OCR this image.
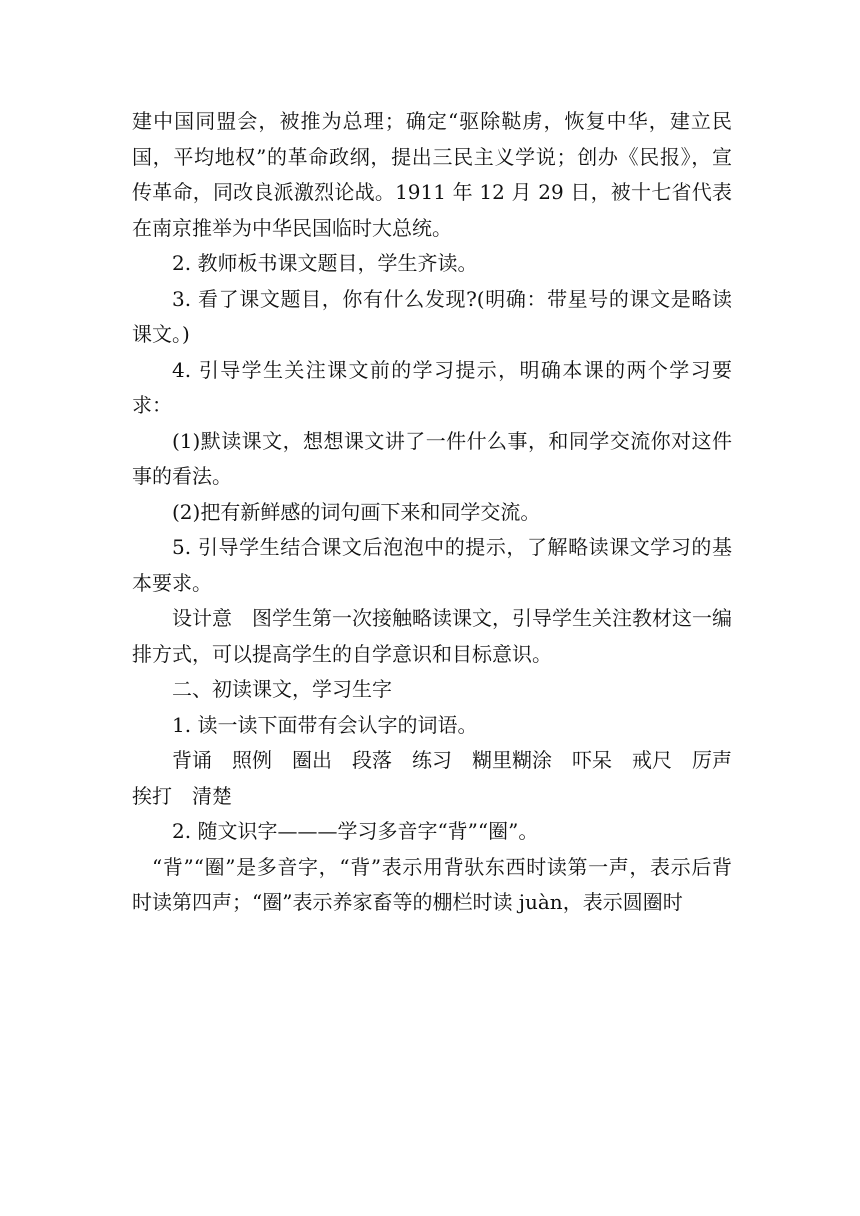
建中国同盟会，被推为总理；确定“驱除鞑虏，恢复中华，建立民国，平均地权”的革命政纲，提出三民主义学说；创办《民报》，宣传革命，同改良派激烈论战。1911 年 12 月 29 日，被十七省代表在南京推举为中华民国临时大总统。

2. 教师板书课文题目，学生齐读。

3. 看了课文题目，你有什么发现?(明确：带星号的课文是略读课文。)

4. 引导学生关注课文前的学习提示，明确本课的两个学习要求：

(1)默读课文，想想课文讲了一件什么事，和同学交流你对这件事的看法。

(2)把有新鲜感的词句画下来和同学交流。

5. 引导学生结合课文后泡泡中的提示，了解略读课文学习的基本要求。

设计意　图学生第一次接触略读课文，引导学生关注教材这一编排方式，可以提高学生的自学意识和目标意识。

二、初读课文，学习生字

1. 读一读下面带有会认字的词语。

背诵　照例　圈出　段落　练习　糊里糊涂　吓呆　戒尺　厉声　挨打　清楚

2. 随文识字———学习多音字“背”“圈”。

“背”“圈”是多音字，“背”表示用背驮东西时读第一声，表示后背时读第四声；“圈”表示养家畜等的棚栏时读 juàn，表示圆圈时
